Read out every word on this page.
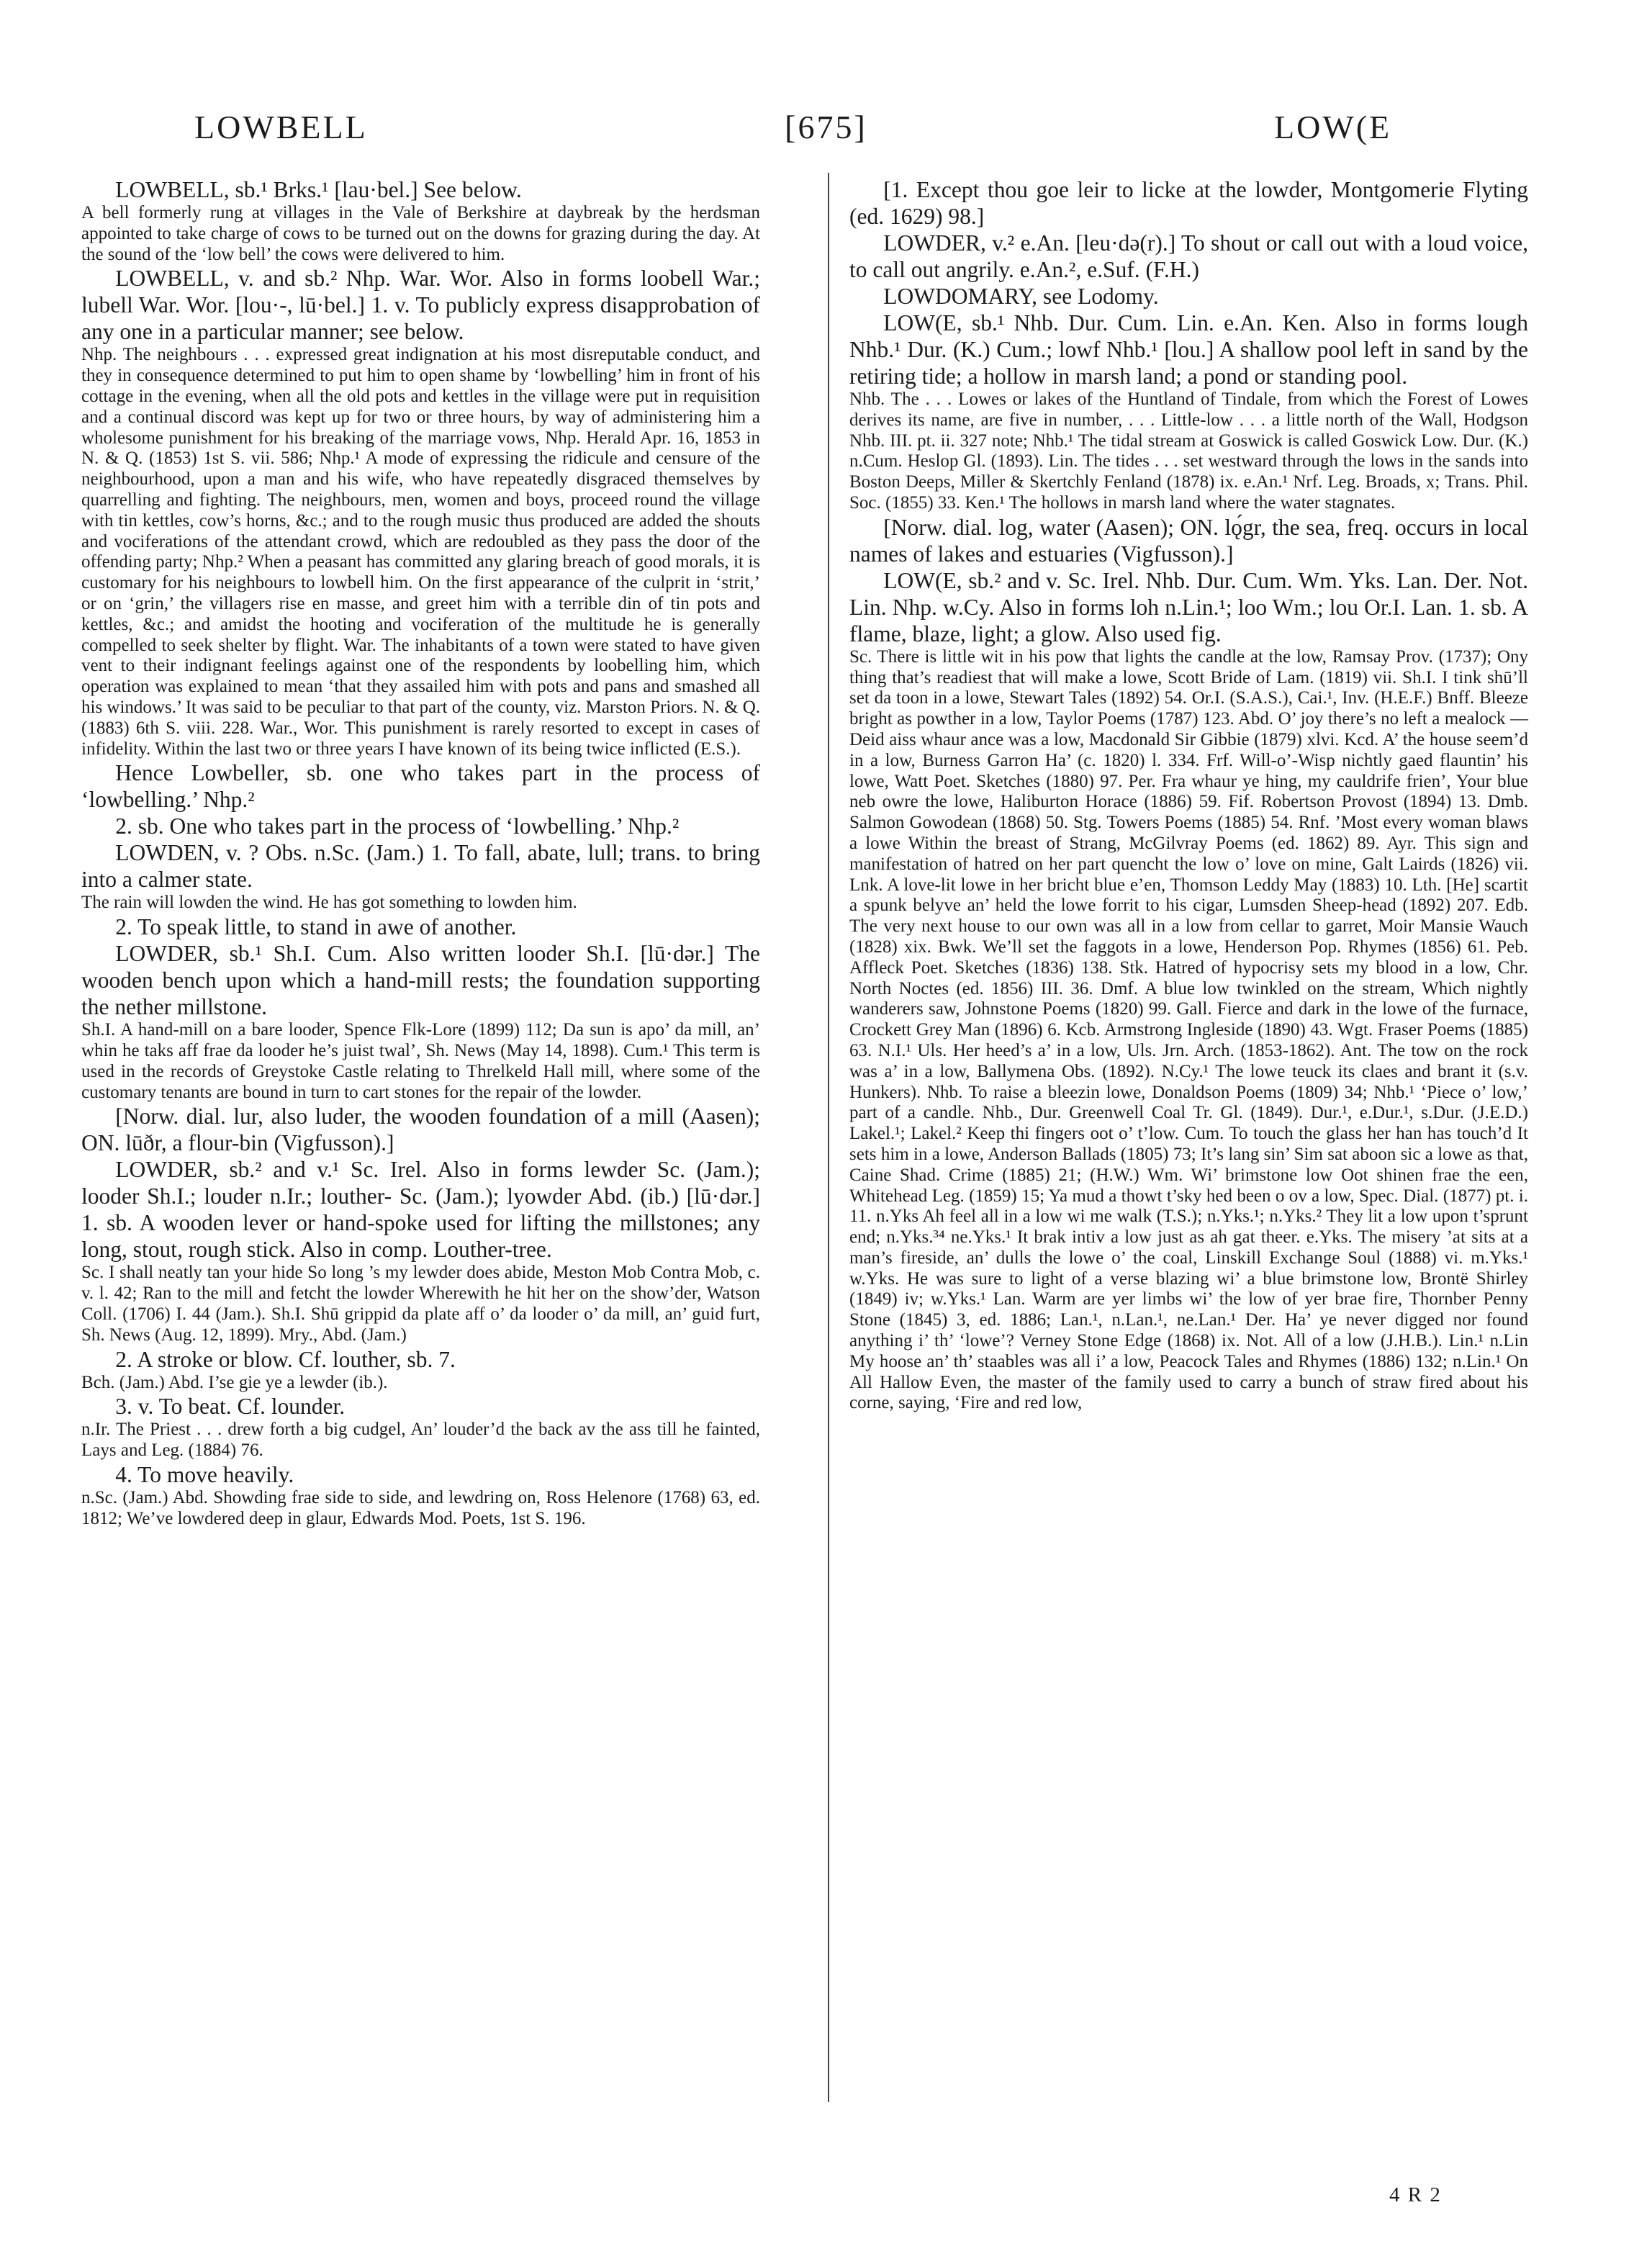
LOWBELL	[675]	LOW(E

LOWBELL, sb.¹ Brks.¹ [lau·bel.] See below.

A bell formerly rung at villages in the Vale of Berkshire at daybreak by the herdsman appointed to take charge of cows to be turned out on the downs for grazing during the day. At the sound of the ‘low bell’ the cows were delivered to him.

LOWBELL, v. and sb.² Nhp. War. Wor. Also in forms loobell War.; lubell War. Wor. [lou·-, lū·bel.] 1. v. To publicly express disapprobation of any one in a particular manner; see below.

Nhp. The neighbours . . . expressed great indignation at his most disreputable conduct, and they in consequence determined to put him to open shame by ‘lowbelling’ him in front of his cottage in the evening, when all the old pots and kettles in the village were put in requisition and a continual discord was kept up for two or three hours, by way of administering him a wholesome punishment for his breaking of the marriage vows, Nhp. Herald Apr. 16, 1853 in N. & Q. (1853) 1st S. vii. 586; Nhp.¹ A mode of expressing the ridicule and censure of the neighbourhood, upon a man and his wife, who have repeatedly disgraced themselves by quarrelling and fighting. The neighbours, men, women and boys, proceed round the village with tin kettles, cow’s horns, &c.; and to the rough music thus produced are added the shouts and vociferations of the attendant crowd, which are redoubled as they pass the door of the offending party; Nhp.² When a peasant has committed any glaring breach of good morals, it is customary for his neighbours to lowbell him. On the first appearance of the culprit in ‘strit,’ or on ‘grin,’ the villagers rise en masse, and greet him with a terrible din of tin pots and kettles, &c.; and amidst the hooting and vociferation of the multitude he is generally compelled to seek shelter by flight. War. The inhabitants of a town were stated to have given vent to their indignant feelings against one of the respondents by loobelling him, which operation was explained to mean ‘that they assailed him with pots and pans and smashed all his windows.’ It was said to be peculiar to that part of the county, viz. Marston Priors. N. & Q. (1883) 6th S. viii. 228. War., Wor. This punishment is rarely resorted to except in cases of infidelity. Within the last two or three years I have known of its being twice inflicted (E.S.).

Hence Lowbeller, sb. one who takes part in the process of ‘lowbelling.’ Nhp.²

2. sb. One who takes part in the process of ‘lowbelling.’ Nhp.²

LOWDEN, v. ? Obs. n.Sc. (Jam.) 1. To fall, abate, lull; trans. to bring into a calmer state.

The rain will lowden the wind. He has got something to lowden him.

2. To speak little, to stand in awe of another.

LOWDER, sb.¹ Sh.I. Cum. Also written looder Sh.I. [lū·dər.] The wooden bench upon which a hand-mill rests; the foundation supporting the nether millstone.

Sh.I. A hand-mill on a bare looder, Spence Flk-Lore (1899) 112; Da sun is apo’ da mill, an’ whin he taks aff frae da looder he’s juist twal’, Sh. News (May 14, 1898). Cum.¹ This term is used in the records of Greystoke Castle relating to Threlkeld Hall mill, where some of the customary tenants are bound in turn to cart stones for the repair of the lowder.

[Norw. dial. lur, also luder, the wooden foundation of a mill (Aasen); ON. lūðr, a flour-bin (Vigfusson).]

LOWDER, sb.² and v.¹ Sc. Irel. Also in forms lewder Sc. (Jam.); looder Sh.I.; louder n.Ir.; louther- Sc. (Jam.); lyowder Abd. (ib.) [lū·dər.] 1. sb. A wooden lever or hand-spoke used for lifting the millstones; any long, stout, rough stick. Also in comp. Louther-tree.

Sc. I shall neatly tan your hide So long ’s my lewder does abide, Meston Mob Contra Mob, c. v. l. 42; Ran to the mill and fetcht the lowder Wherewith he hit her on the show’der, Watson Coll. (1706) I. 44 (Jam.). Sh.I. Shū grippid da plate aff o’ da looder o’ da mill, an’ guid furt, Sh. News (Aug. 12, 1899). Mry., Abd. (Jam.)

2. A stroke or blow. Cf. louther, sb. 7.

Bch. (Jam.) Abd. I’se gie ye a lewder (ib.).

3. v. To beat. Cf. lounder.

n.Ir. The Priest . . . drew forth a big cudgel, An’ louder’d the back av the ass till he fainted, Lays and Leg. (1884) 76.

4. To move heavily.

n.Sc. (Jam.) Abd. Showding frae side to side, and lewdring on, Ross Helenore (1768) 63, ed. 1812; We’ve lowdered deep in glaur, Edwards Mod. Poets, 1st S. 196.

[1. Except thou goe leir to licke at the lowder, Montgomerie Flyting (ed. 1629) 98.]

LOWDER, v.² e.An. [leu·də(r).] To shout or call out with a loud voice, to call out angrily. e.An.², e.Suf. (F.H.)

LOWDOMARY, see Lodomy.

LOW(E, sb.¹ Nhb. Dur. Cum. Lin. e.An. Ken. Also in forms lough Nhb.¹ Dur. (K.) Cum.; lowf Nhb.¹ [lou.] A shallow pool left in sand by the retiring tide; a hollow in marsh land; a pond or standing pool.

Nhb. The . . . Lowes or lakes of the Huntland of Tindale, from which the Forest of Lowes derives its name, are five in number, . . . Little-low . . . a little north of the Wall, Hodgson Nhb. III. pt. ii. 327 note; Nhb.¹ The tidal stream at Goswick is called Goswick Low. Dur. (K.) n.Cum. Heslop Gl. (1893). Lin. The tides . . . set westward through the lows in the sands into Boston Deeps, Miller & Skertchly Fenland (1878) ix. e.An.¹ Nrf. Leg. Broads, x; Trans. Phil. Soc. (1855) 33. Ken.¹ The hollows in marsh land where the water stagnates.

[Norw. dial. log, water (Aasen); ON. lǫ́gr, the sea, freq. occurs in local names of lakes and estuaries (Vigfusson).]

LOW(E, sb.² and v. Sc. Irel. Nhb. Dur. Cum. Wm. Yks. Lan. Der. Not. Lin. Nhp. w.Cy. Also in forms loh n.Lin.¹; loo Wm.; lou Or.I. Lan. 1. sb. A flame, blaze, light; a glow. Also used fig.

Sc. There is little wit in his pow that lights the candle at the low, Ramsay Prov. (1737); Ony thing that’s readiest that will make a lowe, Scott Bride of Lam. (1819) vii. Sh.I. I tink shū’ll set da toon in a lowe, Stewart Tales (1892) 54. Or.I. (S.A.S.), Cai.¹, Inv. (H.E.F.) Bnff. Bleeze bright as powther in a low, Taylor Poems (1787) 123. Abd. O’ joy there’s no left a mealock —Deid aiss whaur ance was a low, Macdonald Sir Gibbie (1879) xlvi. Kcd. A’ the house seem’d in a low, Burness Garron Ha’ (c. 1820) l. 334. Frf. Will-o’-Wisp nichtly gaed flauntin’ his lowe, Watt Poet. Sketches (1880) 97. Per. Fra whaur ye hing, my cauldrife frien’, Your blue neb owre the lowe, Haliburton Horace (1886) 59. Fif. Robertson Provost (1894) 13. Dmb. Salmon Gowodean (1868) 50. Stg. Towers Poems (1885) 54. Rnf. ’Most every woman blaws a lowe Within the breast of Strang, McGilvray Poems (ed. 1862) 89. Ayr. This sign and manifestation of hatred on her part quencht the low o’ love on mine, Galt Lairds (1826) vii. Lnk. A love-lit lowe in her bricht blue e’en, Thomson Leddy May (1883) 10. Lth. [He] scartit a spunk belyve an’ held the lowe forrit to his cigar, Lumsden Sheep-head (1892) 207. Edb. The very next house to our own was all in a low from cellar to garret, Moir Mansie Wauch (1828) xix. Bwk. We’ll set the faggots in a lowe, Henderson Pop. Rhymes (1856) 61. Peb. Affleck Poet. Sketches (1836) 138. Stk. Hatred of hypocrisy sets my blood in a low, Chr. North Noctes (ed. 1856) III. 36. Dmf. A blue low twinkled on the stream, Which nightly wanderers saw, Johnstone Poems (1820) 99. Gall. Fierce and dark in the lowe of the furnace, Crockett Grey Man (1896) 6. Kcb. Armstrong Ingleside (1890) 43. Wgt. Fraser Poems (1885) 63. N.I.¹ Uls. Her heed’s a’ in a low, Uls. Jrn. Arch. (1853-1862). Ant. The tow on the rock was a’ in a low, Ballymena Obs. (1892). N.Cy.¹ The lowe teuck its claes and brant it (s.v. Hunkers). Nhb. To raise a bleezin lowe, Donaldson Poems (1809) 34; Nhb.¹ ‘Piece o’ low,’ part of a candle. Nhb., Dur. Greenwell Coal Tr. Gl. (1849). Dur.¹, e.Dur.¹, s.Dur. (J.E.D.) Lakel.¹; Lakel.² Keep thi fingers oot o’ t’low. Cum. To touch the glass her han has touch’d It sets him in a lowe, Anderson Ballads (1805) 73; It’s lang sin’ Sim sat aboon sic a lowe as that, Caine Shad. Crime (1885) 21; (H.W.) Wm. Wi’ brimstone low Oot shinen frae the een, Whitehead Leg. (1859) 15; Ya mud a thowt t’sky hed been o ov a low, Spec. Dial. (1877) pt. i. 11. n.Yks Ah feel all in a low wi me walk (T.S.); n.Yks.¹; n.Yks.² They lit a low upon t’sprunt end; n.Yks.³⁴ ne.Yks.¹ It brak intiv a low just as ah gat theer. e.Yks. The misery ’at sits at a man’s fireside, an’ dulls the lowe o’ the coal, Linskill Exchange Soul (1888) vi. m.Yks.¹ w.Yks. He was sure to light of a verse blazing wi’ a blue brimstone low, Brontë Shirley (1849) iv; w.Yks.¹ Lan. Warm are yer limbs wi’ the low of yer brae fire, Thornber Penny Stone (1845) 3, ed. 1886; Lan.¹, n.Lan.¹, ne.Lan.¹ Der. Ha’ ye never digged nor found anything i’ th’ ‘lowe’? Verney Stone Edge (1868) ix. Not. All of a low (J.H.B.). Lin.¹ n.Lin My hoose an’ th’ staables was all i’ a low, Peacock Tales and Rhymes (1886) 132; n.Lin.¹ On All Hallow Even, the master of the family used to carry a bunch of straw fired about his corne, saying, ‘Fire and red low,

4 R 2
